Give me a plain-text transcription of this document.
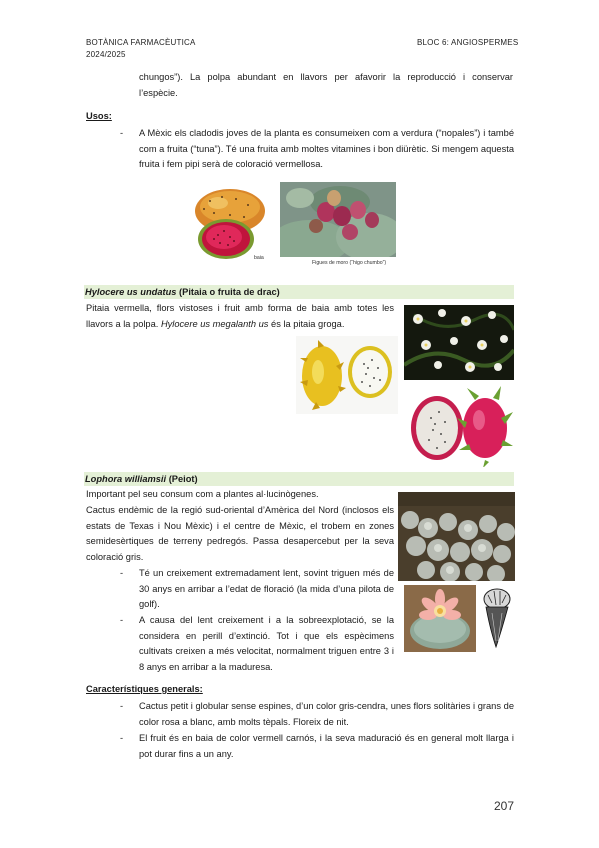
BOTÀNICA FARMACÈUTICA
2024/2025
BLOC 6: ANGIOSPERMES
chungos”). La polpa abundant en llavors per afavorir la reproducció i conservar
l’espècie.
Usos:
- A Mèxic els cladodis joves de la planta es consumeixen com a verdura (“nopales”) i també com a fruita (“tuna”). Té una fruita amb moltes vitamines i bon diürètic. Si mengem aquesta fruita i fem pipi serà de coloració vermellosa.
baia
Figues de moro (“higo chumbo”)
Hylocere us undatus (Pitaia o fruita de drac)
Pitaia vermella, flors vistoses i fruit amb forma de baia amb totes les
llavors a la polpa. Hylocere us megalanth us és la pitaia groga.
Lophora williamsii (Peiot)
Important pel seu consum com a plantes al·lucinògenes.
Cactus endèmic de la regió sud-oriental d’Amèrica del Nord (inclosos els estats de Texas i Nou Mèxic) i el centre de Mèxic, el trobem en zones semidesèrtiques de terreny pedregós. Passa desapercebut per la seva coloració gris.
- Té un creixement extremadament lent, sovint triguen més de 30 anys en arribar a l’edat de floració (la mida d’una pilota de golf).
- A causa del lent creixement i a la sobreexplotació, se la considera en perill d’extinció. Tot i que els espècimens cultivats creixen a més velocitat, normalment triguen entre 3 i 8 anys en arribar a la maduresa.
Característiques generals:
- Cactus petit i globular sense espines, d’un color gris-cendra, unes flors solitàries i grans de color rosa a blanc, amb molts tèpals. Floreix de nit.
- El fruit és en baia de color vermell carnós, i la seva maduració és en general molt llarga i pot durar fins a un any.
207
